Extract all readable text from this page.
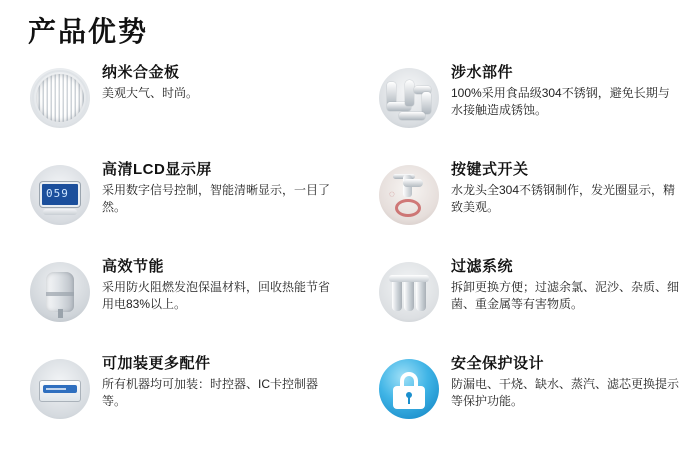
产品优势
纳米合金板
美观大气、时尚。
涉水部件
100%采用食品级304不锈钢，避免长期与水接触造成锈蚀。
059
高清LCD显示屏
采用数字信号控制，智能清晰显示，一目了然。
◌
按键式开关
水龙头全304不锈钢制作，发光圈显示，精致美观。
高效节能
采用防火阻燃发泡保温材料，回收热能节省用电83%以上。
过滤系统
拆卸更换方便；过滤余氯、泥沙、杂质、细菌、重金属等有害物质。
可加装更多配件
所有机器均可加装：时控器、IC卡控制器等。
安全保护设计
防漏电、干烧、缺水、蒸汽、滤芯更换提示等保护功能。
